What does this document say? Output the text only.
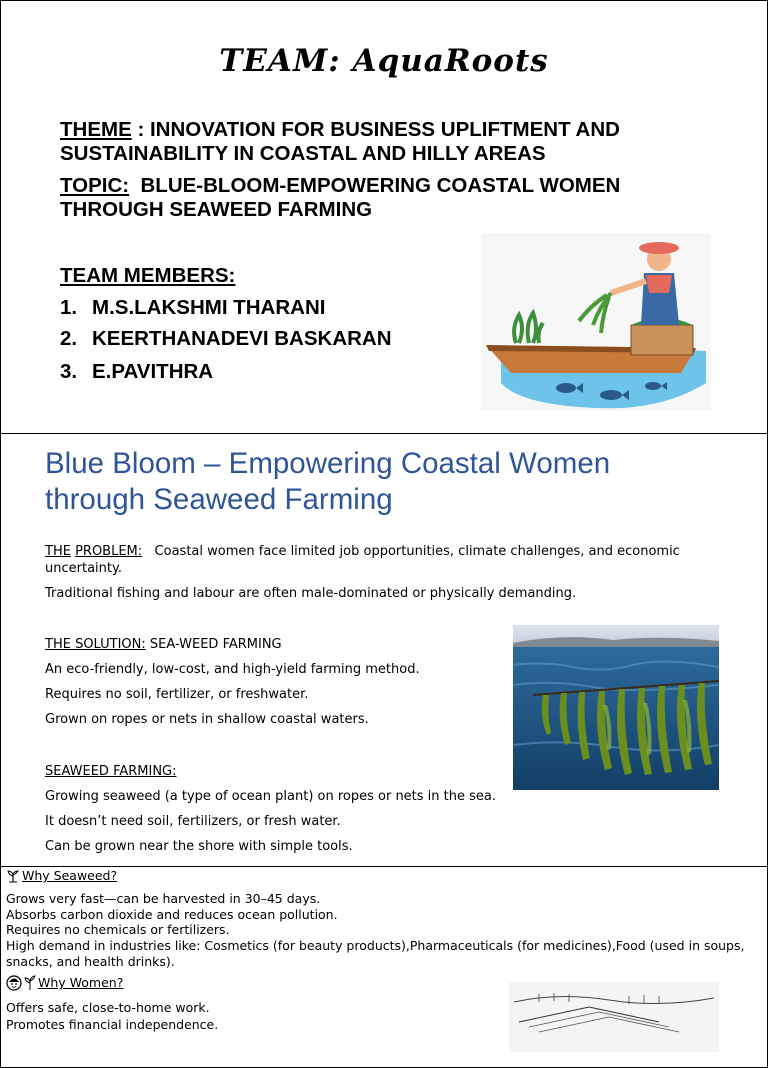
TEAM: AquaRoots
THEME : INNOVATION FOR BUSINESS UPLIFTMENT AND SUSTAINABILITY IN COASTAL AND HILLY AREAS
TOPIC:  BLUE-BLOOM-EMPOWERING COASTAL WOMEN THROUGH SEAWEED FARMING
TEAM MEMBERS:
1. M.S.LAKSHMI THARANI
2. KEERTHANADEVI BASKARAN
3. E.PAVITHRA
Blue Bloom – Empowering Coastal Women
through Seaweed Farming
THE PROBLEM:   Coastal women face limited job opportunities, climate challenges, and economic uncertainty.
Traditional fishing and labour are often male-dominated or physically demanding.
THE SOLUTION: SEA-WEED FARMING
An eco-friendly, low-cost, and high-yield farming method.
Requires no soil, fertilizer, or freshwater.
Grown on ropes or nets in shallow coastal waters.
SEAWEED FARMING:
Growing seaweed (a type of ocean plant) on ropes or nets in the sea.
It doesn’t need soil, fertilizers, or fresh water.
Can be grown near the shore with simple tools.
Why Seaweed?
Grows very fast—can be harvested in 30–45 days.
Absorbs carbon dioxide and reduces ocean pollution.
Requires no chemicals or fertilizers.
High demand in industries like: Cosmetics (for beauty products),Pharmaceuticals (for medicines),Food (used in soups, snacks, and health drinks).
Why Women?
Offers safe, close-to-home work.
Promotes financial independence.
